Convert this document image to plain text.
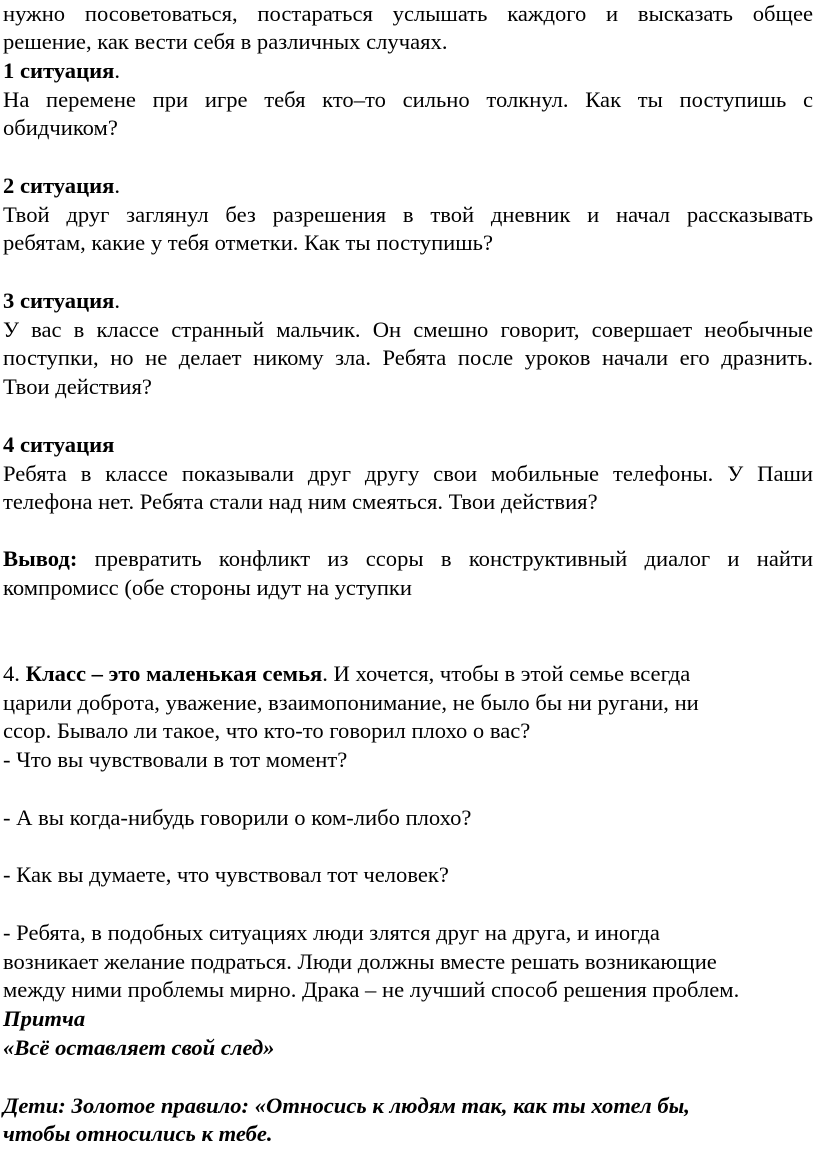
нужно посоветоваться, постараться услышать каждого и высказать общее
решение, как вести себя в различных случаях.
1 ситуация.
На перемене при игре тебя кто–то сильно толкнул. Как ты поступишь с
обидчиком?
2 ситуация.
Твой друг заглянул без разрешения в твой дневник и начал рассказывать
ребятам, какие у тебя отметки. Как ты поступишь?
3 ситуация.
У вас в классе странный мальчик. Он смешно говорит, совершает необычные
поступки, но не делает никому зла. Ребята после уроков начали его дразнить.
Твои действия?
4 ситуация
Ребята в классе показывали друг другу свои мобильные телефоны. У Паши
телефона нет. Ребята стали над ним смеяться. Твои действия?
Вывод: превратить конфликт из ссоры в конструктивный диалог и найти
компромисс (обе стороны идут на уступки
4. Класс – это маленькая семья. И хочется, чтобы в этой семье всегда
царили доброта, уважение, взаимопонимание, не было бы ни ругани, ни
ссор. Бывало ли такое, что кто-то говорил плохо о вас?
- Что вы чувствовали в тот момент?
- А вы когда-нибудь говорили о ком-либо плохо?
- Как вы думаете, что чувствовал тот человек?
- Ребята, в подобных ситуациях люди злятся друг на друга, и иногда
возникает желание подраться. Люди должны вместе решать возникающие
между ними проблемы мирно. Драка – не лучший способ решения проблем.
Притча
«Всё оставляет свой след»
Дети: Золотое правило: «Относись к людям так, как ты хотел бы,
чтобы относились к тебе.
